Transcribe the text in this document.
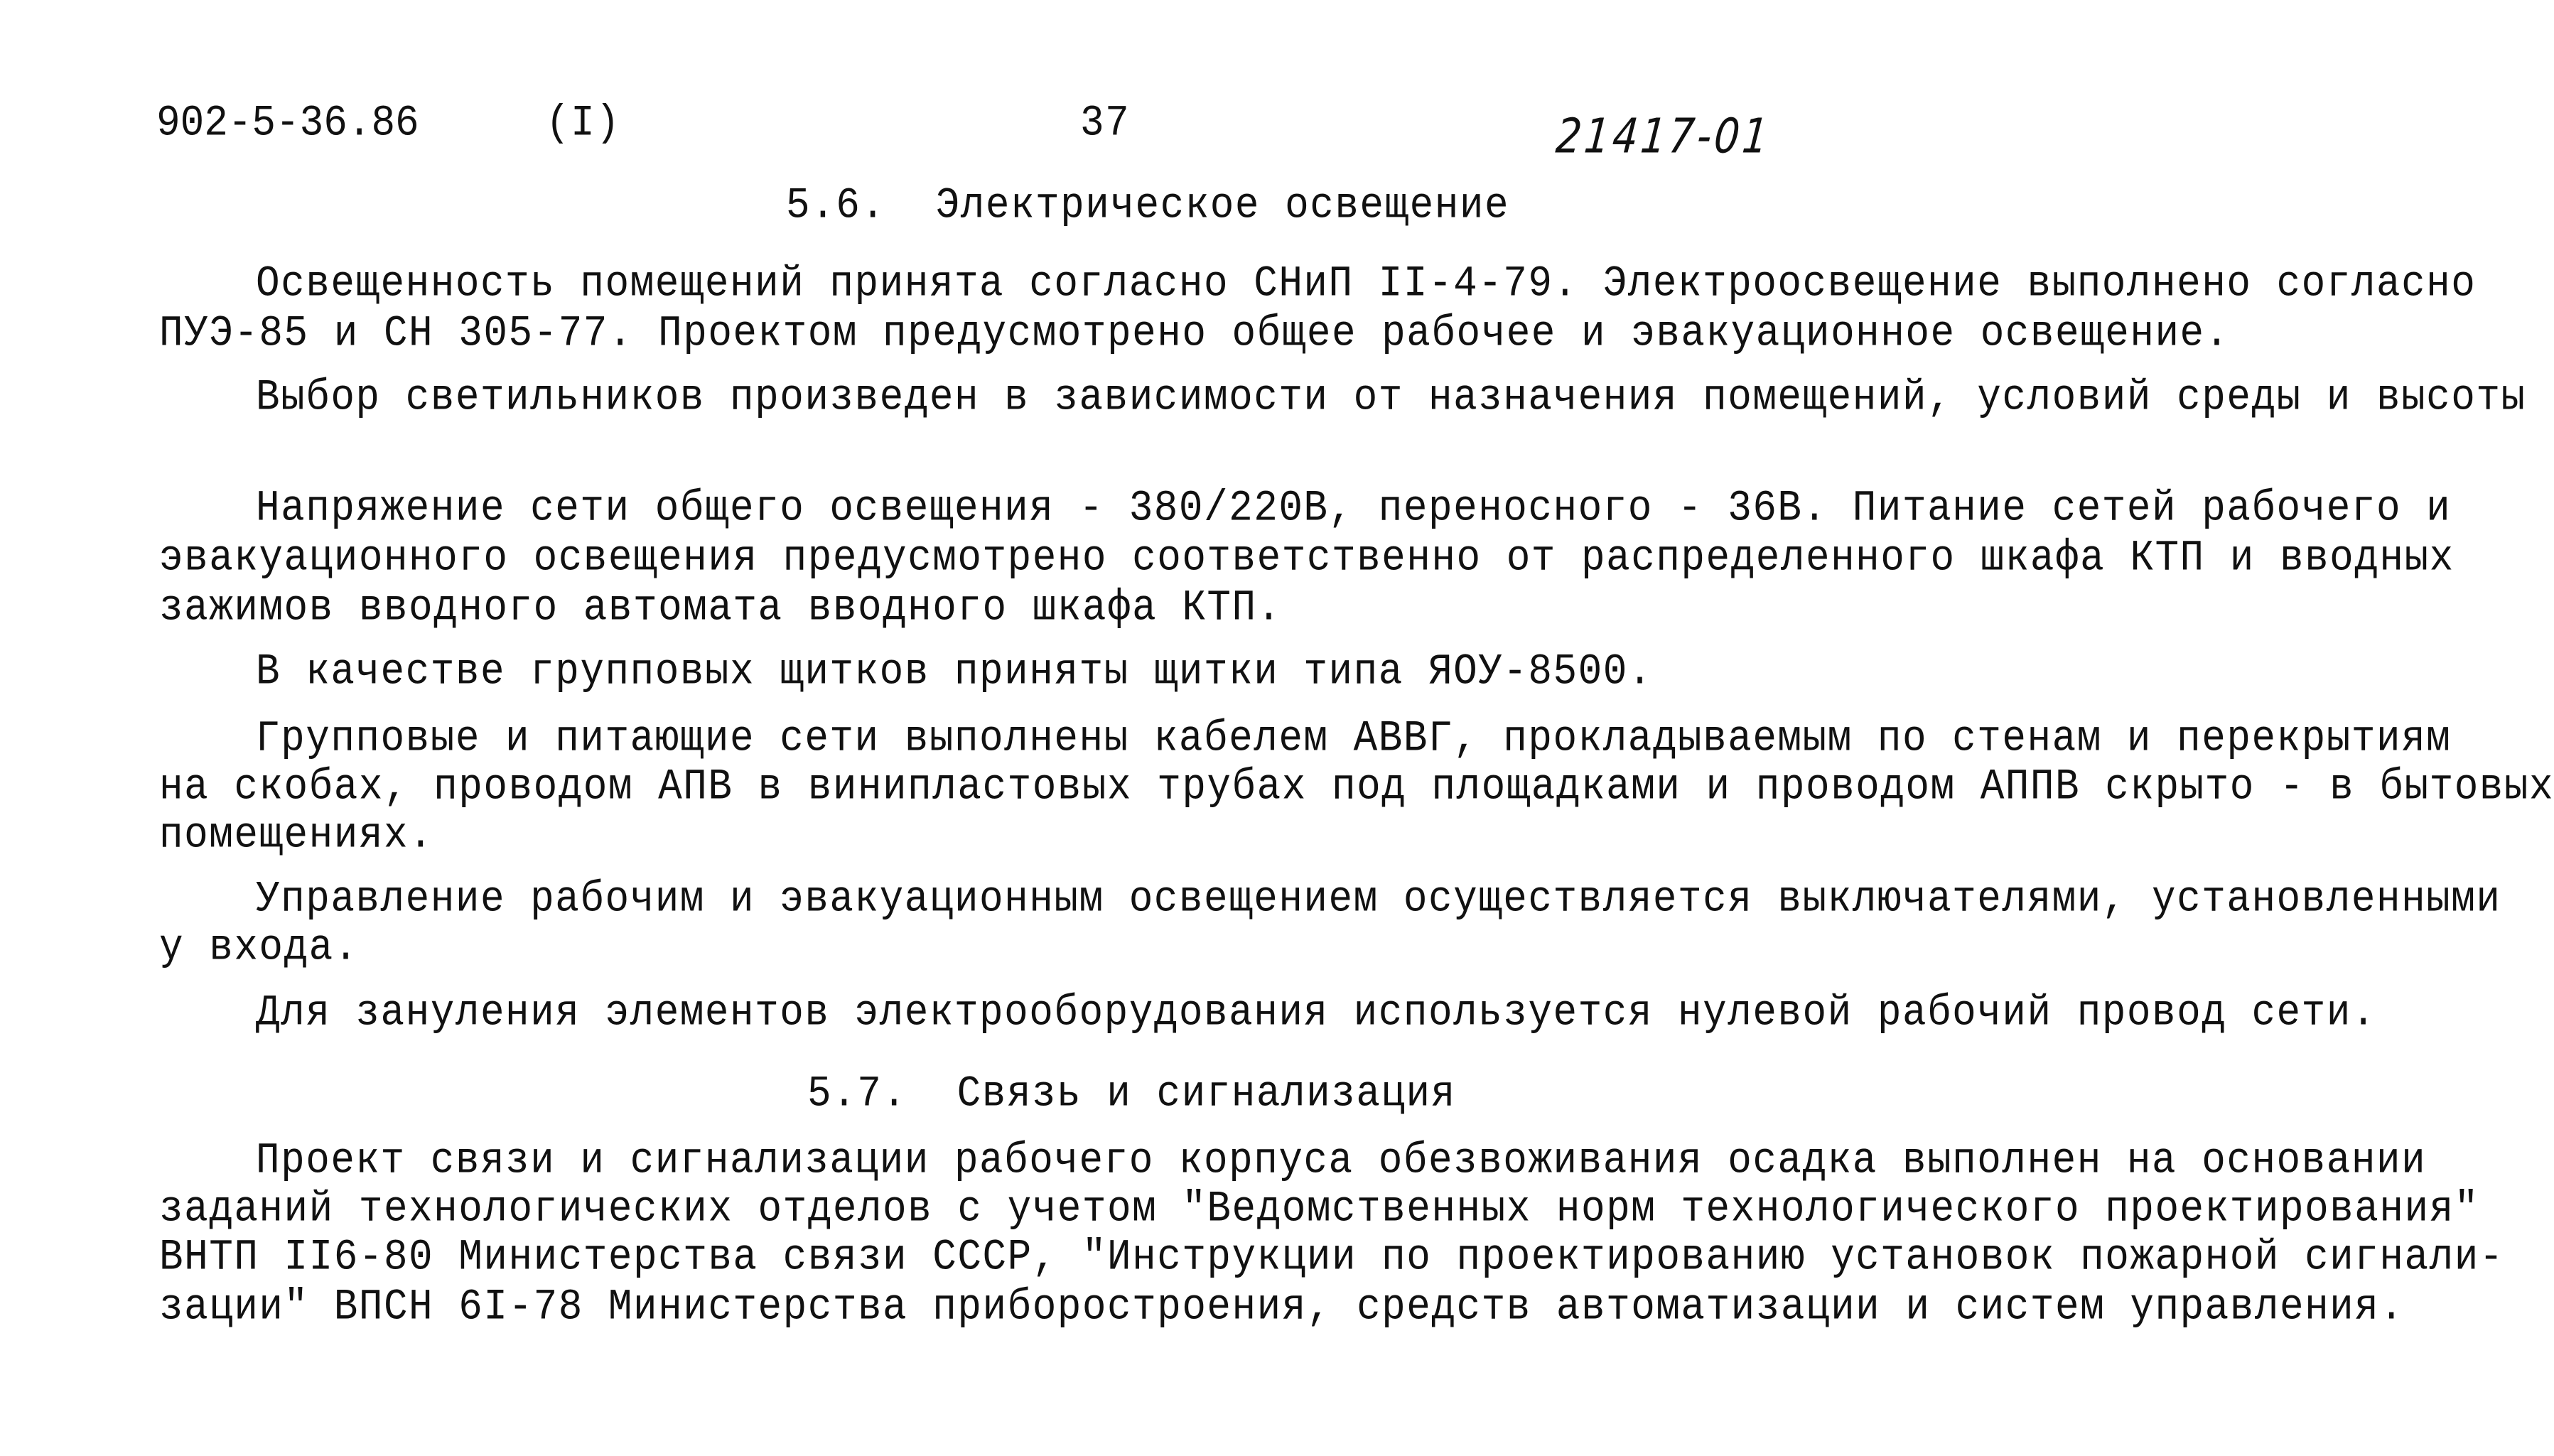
902-5-36.86	(I)	37	21417-01
5.6.  Электрическое освещение
Освещенность помещений принята согласно СНиП II-4-79. Электроосвещение выполнено согласно
ПУЭ-85 и СН 305-77. Проектом предусмотрено общее рабочее и эвакуационное освещение.
Выбор светильников произведен в зависимости от назначения помещений, условий среды и высоты
Напряжение сети общего освещения - 380/220В, переносного - 36В. Питание сетей рабочего и
эвакуационного освещения предусмотрено соответственно от распределенного шкафа КТП и вводных
зажимов вводного автомата вводного шкафа КТП.
В качестве групповых щитков приняты щитки типа ЯОУ-8500.
Групповые и питающие сети выполнены кабелем АВВГ, прокладываемым по стенам и перекрытиям
на скобах, проводом АПВ в винипластовых трубах под площадками и проводом АППВ скрыто - в бытовых
помещениях.
Управление рабочим и эвакуационным освещением осуществляется выключателями, установленными
у входа.
Для зануления элементов электрооборудования используется нулевой рабочий провод сети.
5.7.  Связь и сигнализация
Проект связи и сигнализации рабочего корпуса обезвоживания осадка выполнен на основании
заданий технологических отделов с учетом "Ведомственных норм технологического проектирования"
ВНТП II6-80 Министерства связи СССР, "Инструкции по проектированию установок пожарной сигнали-
зации" ВПСН 6I-78 Министерства приборостроения, средств автоматизации и систем управления.
